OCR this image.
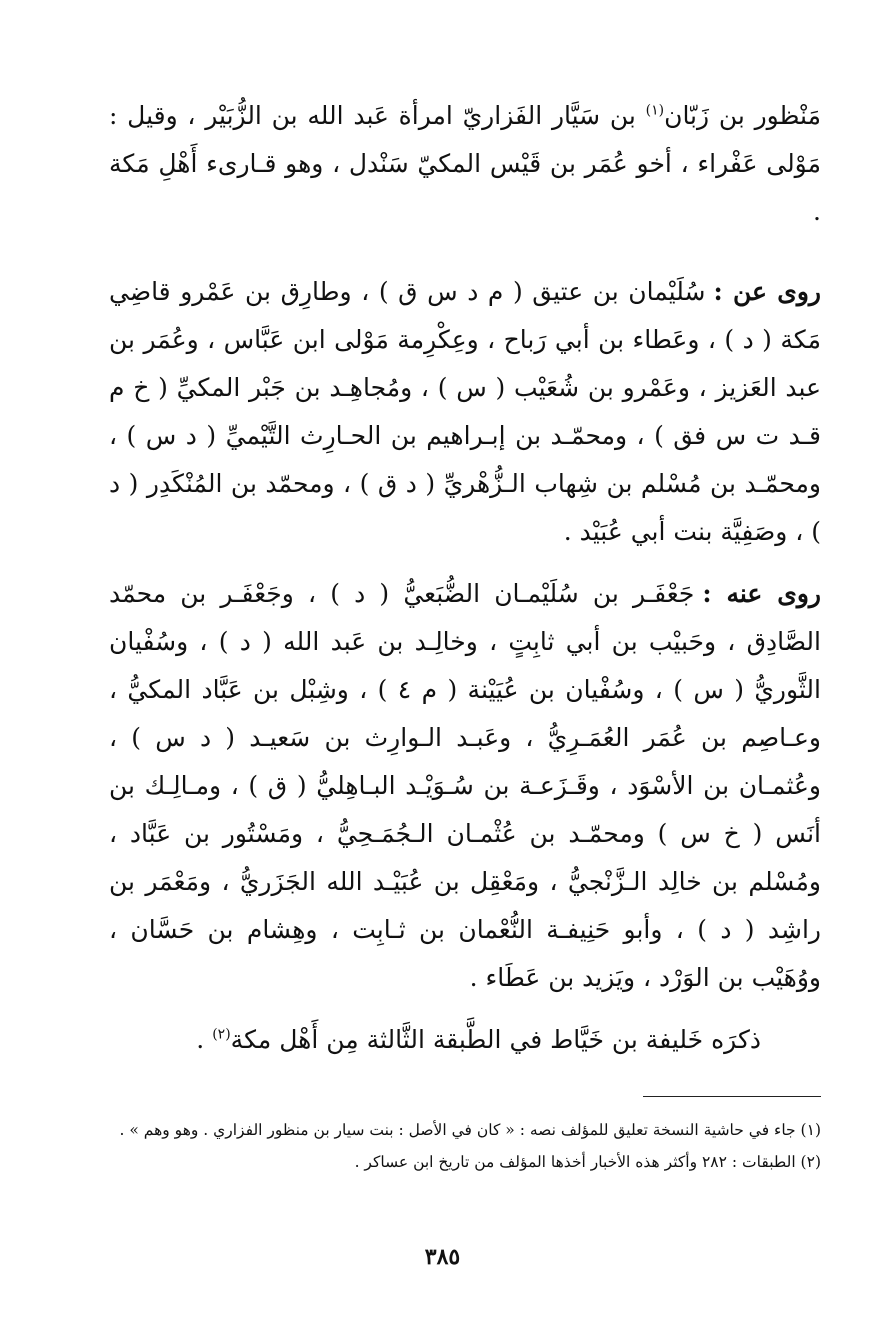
مَنْظور بن زَبّان$^{(١)}$ بن سَيَّار الفَزاريّ امرأة عَبد الله بن الزُّبَيْر ، وقيل : مَوْلى عَفْراء ، أخو عُمَر بن قَيْس المكيّ سَنْدل ، وهو قـارىء أَهْلِ مَكة .

روى عن :سُلَيْمان بن عتيق ( م د س ق ) ، وطارِق بن عَمْرو قاضِي مَكة ( د ) ، وعَطاء بن أبي رَباح ، وعِكْرِمة مَوْلى ابن عَبَّاس ، وعُمَر بن عبد العَزيز ، وعَمْرو بن شُعَيْب ( س ) ، ومُجاهِـد بن جَبْر المكيِّ ( خ م قـد ت س فق ) ، ومحمّـد بن إبـراهيم بن الحـارِث التَّيْميِّ ( د س ) ، ومحمّـد بن مُسْلم بن شِهاب الـزُّهْريِّ ( د ق ) ، ومحمّد بن المُنْكَدِر ( د ) ، وصَفِيَّة بنت أبي عُبَيْد .

روى عنه :جَعْفَـر بن سُلَيْمـان الضُّبَعيُّ ( د ) ، وجَعْفَـر بن محمّد الصَّادِق ، وحَبيْب بن أبي ثابِتٍ ، وخالِـد بن عَبد الله ( د ) ، وسُفْيان الثَّوريُّ ( س ) ، وسُفْيان بن عُيَيْنة ( م ٤ ) ، وشِبْل بن عَبَّاد المكيُّ ، وعـاصِم بن عُمَر العُمَـرِيُّ ، وعَبـد الـوارِث بن سَعيـد ( د س ) ، وعُثمـان بن الأسْوَد ، وقَـزَعـة بن سُـوَيْـد البـاهِليُّ ( ق ) ، ومـالِـك بن أنَس ( خ س ) ومحمّـد بن عُثْمـان الـجُمَـحِيُّ ، ومَسْتُور بن عَبَّاد ، ومُسْلم بن خالِد الـزَّنْجيُّ ، ومَعْقِل بن عُبَيْـد الله الجَزَريُّ ، ومَعْمَر بن راشِد ( د ) ، وأبو حَنِيفـة النُّعْمان بن ثـابِت ، وهِشام بن حَسَّان ، ووُهَيْب بن الوَرْد ، ويَزيد بن عَطَاء .

ذكرَه خَليفة بن خَيَّاط في الطَّبقة الثَّالثة مِن أَهْل مكة$^{(٢)}$ .

(١) جاء في حاشية النسخة تعليق للمؤلف نصه : « كان في الأصل : بنت سيار بن منظور الفزاري . وهو وهم » .

(٢) الطبقات : ٢٨٢ وأكثر هذه الأخبار أخذها المؤلف من تاريخ ابن عساكر .

٣٨٥
